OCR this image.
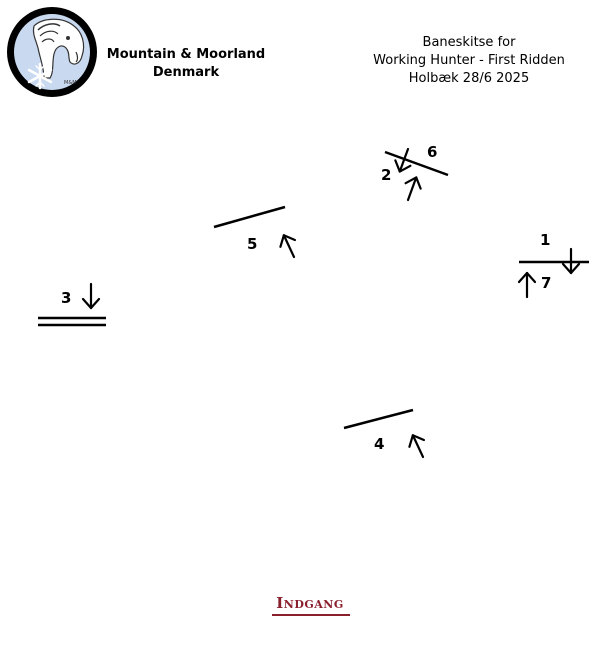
M&M
Mountain & Moorland
Denmark
Baneskitse for
Working Hunter - First Ridden
Holbæk 28/6 2025
1
7
6
2
5
3
4
Indgang
